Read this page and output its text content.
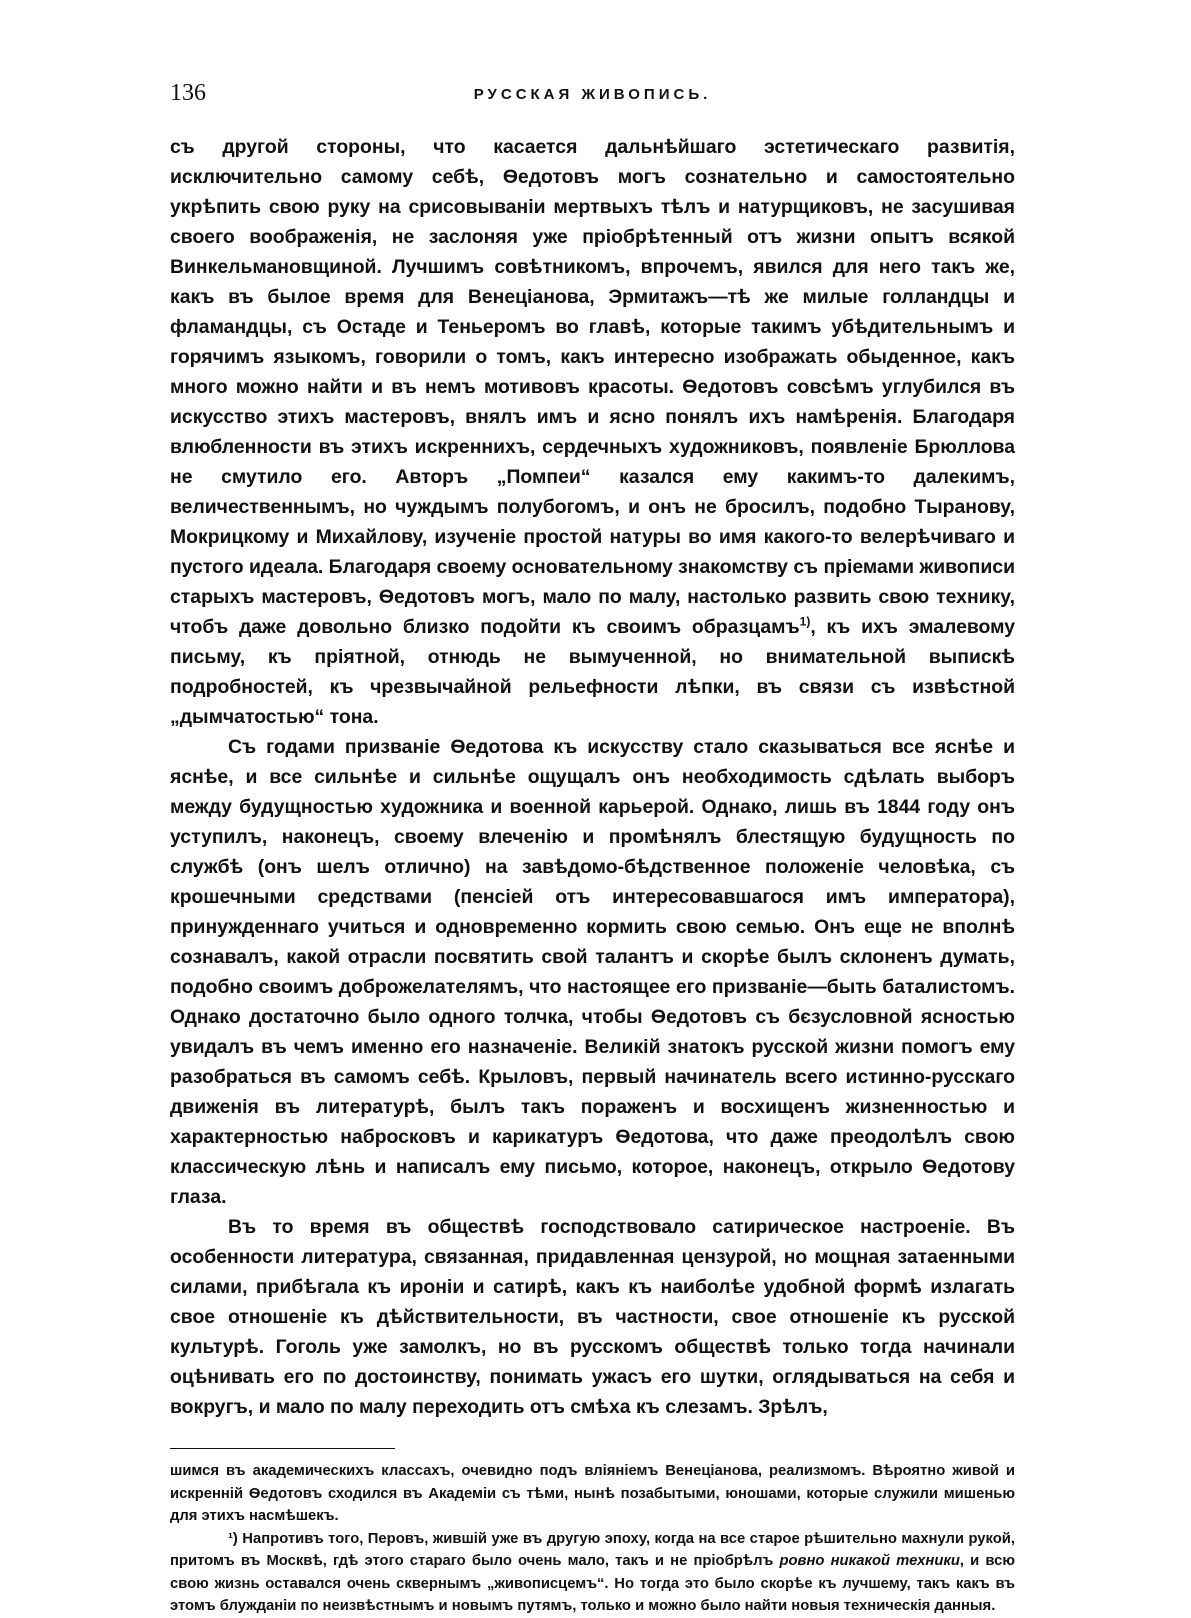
136	РУССКАЯ ЖИВОПИСЬ.

съ другой стороны, что касается дальнѣйшаго эстетическаго развитія, исключительно самому себѣ, Ѳедотовъ могъ сознательно и самостоятельно укрѣпить свою руку на срисовываніи мертвыхъ тѣлъ и натурщиковъ, не засушивая своего воображенія, не заслоняя уже пріобрѣтенный отъ жизни опытъ всякой Винкельмановщиной. Лучшимъ совѣтникомъ, впрочемъ, явился для него такъ же, какъ въ былое время для Венеціанова, Эрмитажъ—тѣ же милые голландцы и фламандцы, съ Остаде и Теньеромъ во главѣ, которые такимъ убѣдительнымъ и горячимъ языкомъ, говорили о томъ, какъ интересно изображать обыденное, какъ много можно найти и въ немъ мотивовъ красоты. Ѳедотовъ совсѣмъ углубился въ искусство этихъ мастеровъ, внялъ имъ и ясно понялъ ихъ намѣренія. Благодаря влюбленности въ этихъ искреннихъ, сердечныхъ художниковъ, появленіе Брюллова не смутило его. Авторъ „Помпеи“ казался ему какимъ-то далекимъ, величественнымъ, но чуждымъ полубогомъ, и онъ не бросилъ, подобно Тыранову, Мокрицкому и Михайлову, изученіе простой натуры во имя какого-то велерѣчиваго и пустого идеала. Благодаря своему основательному знакомству съ пріемами живописи старыхъ мастеровъ, Ѳедотовъ могъ, мало по малу, настолько развить свою технику, чтобъ даже довольно близко подойти къ своимъ образцамъ$^{1)}$, къ ихъ эмалевому письму, къ пріятной, отнюдь не вымученной, но внимательной выпискѣ подробностей, къ чрезвычайной рельефности лѣпки, въ связи съ извѣстной „дымчатостью“ тона.

Съ годами призваніе Ѳедотова къ искусству стало сказываться все яснѣе и яснѣе, и все сильнѣе и сильнѣе ощущалъ онъ необходимость сдѣлать выборъ между будущностью художника и военной карьерой. Однако, лишь въ 1844 году онъ уступилъ, наконецъ, своему влеченію и промѣнялъ блестящую будущность по службѣ (онъ шелъ отлично) на завѣдомо-бѣдственное положеніе человѣка, съ крошечными средствами (пенсіей отъ интересовавшагося имъ императора), принужденнаго учиться и одновременно кормить свою семью. Онъ еще не вполнѣ сознавалъ, какой отрасли посвятить свой талантъ и скорѣе былъ склоненъ думать, подобно своимъ доброжелателямъ, что настоящее его призваніе—быть баталистомъ. Однако достаточно было одного толчка, чтобы Ѳедотовъ съ бєзусловной ясностью увидалъ въ чемъ именно его назначеніе. Великій знатокъ русской жизни помогъ ему разобраться въ самомъ себѣ. Крыловъ, первый начинатель всего истинно-русскаго движенія въ литературѣ, былъ такъ пораженъ и восхищенъ жизненностью и характерностью набросковъ и карикатуръ Ѳедотова, что даже преодолѣлъ свою классическую лѣнь и написалъ ему письмо, которое, наконецъ, открыло Ѳедотову глаза.

Въ то время въ обществѣ господствовало сатирическое настроеніе. Въ особенности литература, связанная, придавленная цензурой, но мощная затаенными силами, прибѣгала къ ироніи и сатирѣ, какъ къ наиболѣе удобной формѣ излагать свое отношеніе къ дѣйствительности, въ частности, свое отношеніе къ русской культурѣ. Гоголь уже замолкъ, но въ русскомъ обществѣ только тогда начинали оцѣнивать его по достоинству, понимать ужасъ его шутки, оглядываться на себя и вокругъ, и мало по малу переходить отъ смѣха къ слезамъ. Зрѣлъ,

шимся въ академическихъ классахъ, очевидно подъ вліяніемъ Венеціанова, реализмомъ. Вѣроятно живой и искренній Ѳедотовъ сходился въ Академіи съ тѣми, нынѣ позабытыми, юношами, которые служили мишенью для этихъ насмѣшекъ.

¹) Напротивъ того, Перовъ, жившій уже въ другую эпоху, когда на все старое рѣшительно махнули рукой, притомъ въ Москвѣ, гдѣ этого стараго было очень мало, такъ и не пріобрѣлъ ровно никакой техники, и всю свою жизнь оставался очень сквернымъ „живописцемъ“. Но тогда это было скорѣе къ лучшему, такъ какъ въ этомъ блужданіи по неизвѣстнымъ и новымъ путямъ, только и можно было найти новыя техническія данныя.
